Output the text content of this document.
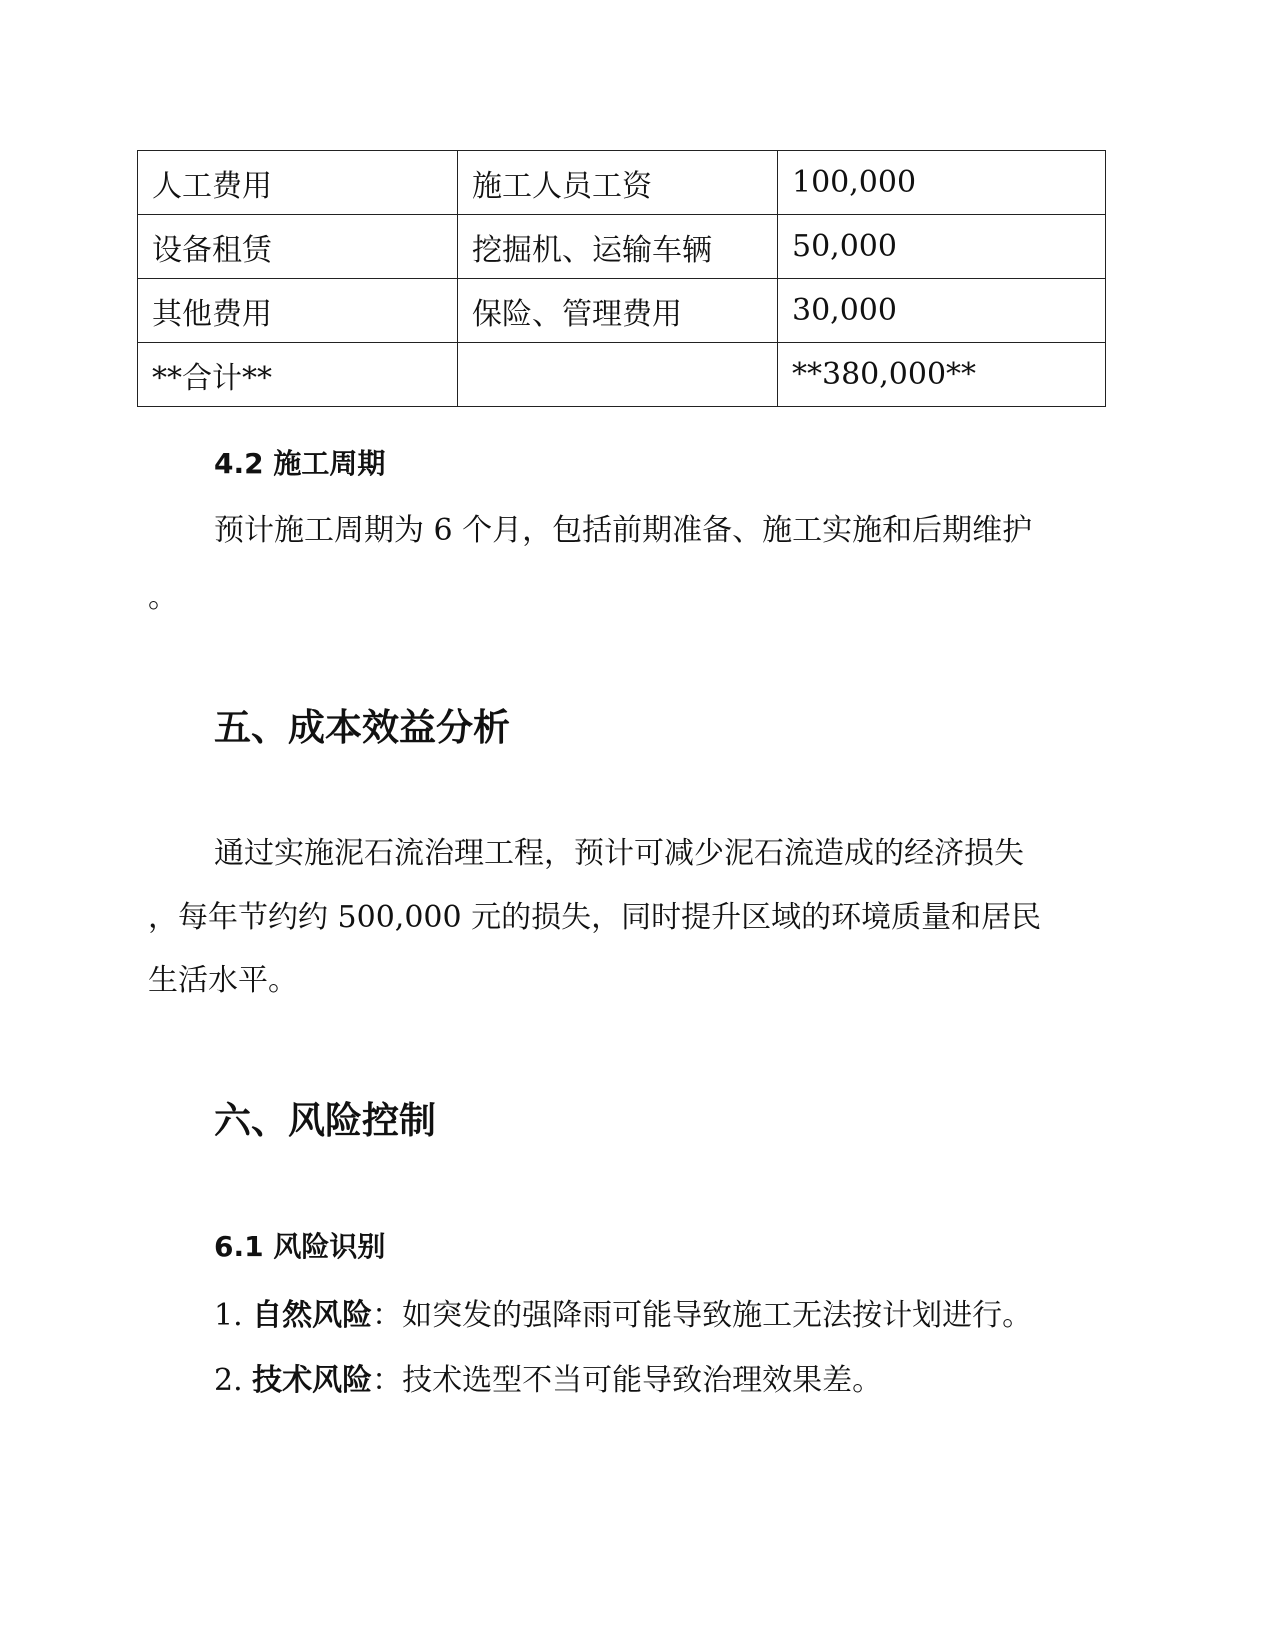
人工费用	施工人员工资	100,000
设备租赁	挖掘机、运输车辆	50,000
其他费用	保险、管理费用	30,000
**合计**		**380,000**
4.2 施工周期
预计施工周期为 6 个月，包括前期准备、施工实施和后期维护
。
五、成本效益分析
通过实施泥石流治理工程，预计可减少泥石流造成的经济损失
，每年节约约 500,000 元的损失，同时提升区域的环境质量和居民
生活水平。
六、风险控制
6.1 风险识别
1. 自然风险：如突发的强降雨可能导致施工无法按计划进行。
2. 技术风险：技术选型不当可能导致治理效果差。
